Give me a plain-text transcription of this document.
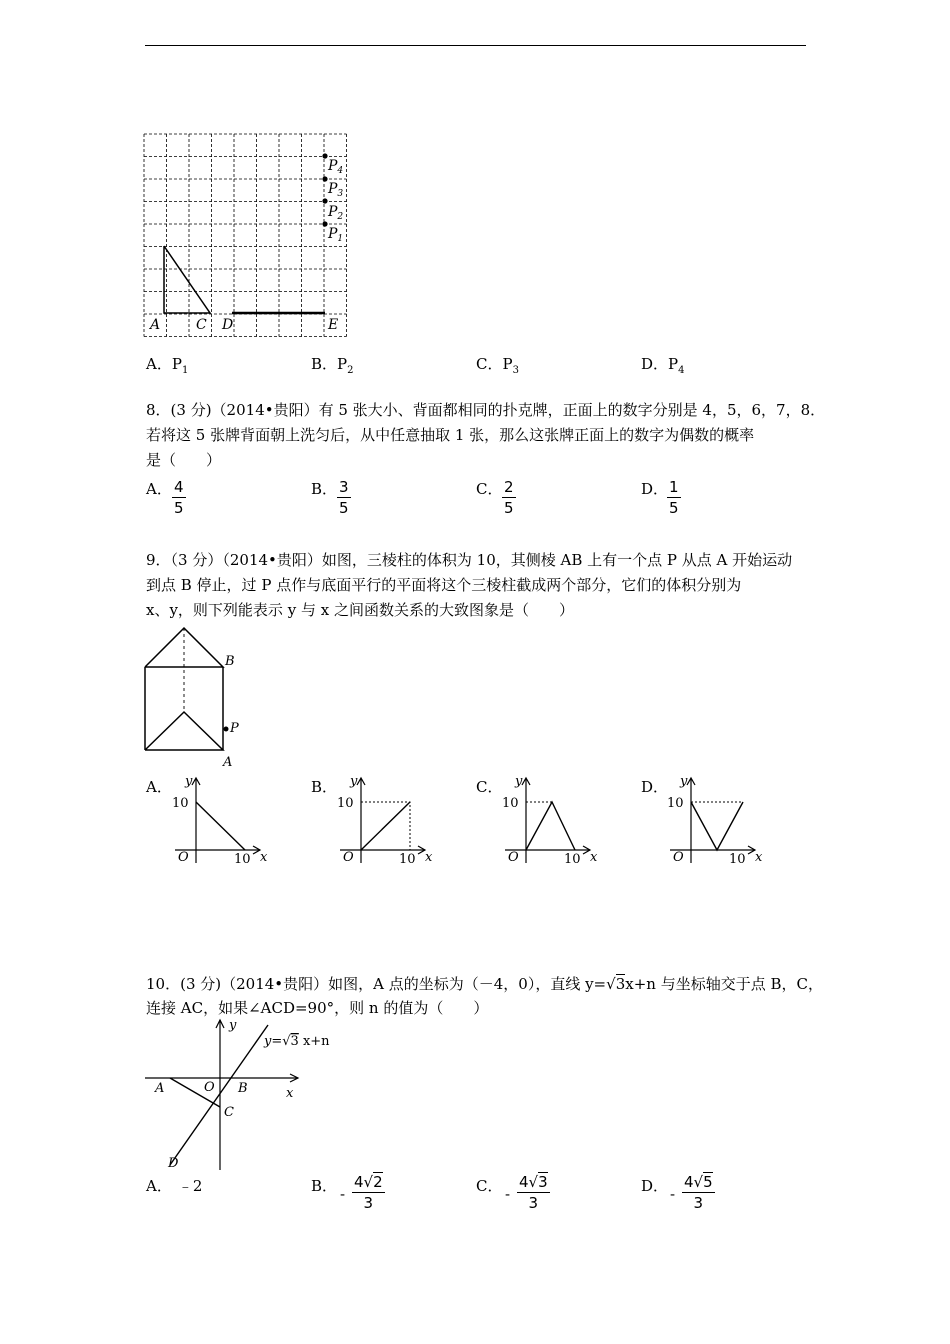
$P_4$
$P_3$
$P_2$
$P_1$
A	C D	E
A．$P_1$	B．$P_2$	C．$P_3$	D．$P_4$
8．(3 分)（2014•贵阳）有 5 张大小、背面都相同的扑克牌，正面上的数字分别是 4，5，6，7，8．
若将这 5 张牌背面朝上洗匀后，从中任意抽取 1 张，那么这张牌正面上的数字为偶数的概率
是（　　）
A． 4
5
B． 3
5
C． 2
5
D． 1
5
9．（3 分）（2014•贵阳）如图，三棱柱的体积为 10，其侧棱 AB 上有一个点 P 从点 A 开始运动
到点 B 停止，过 P 点作与底面平行的平面将这个三棱柱截成两个部分，它们的体积分别为
x、y，则下列能表示 y 与 x 之间函数关系的大致图象是（　　）
B
P
A
A．	B．	C．	D．
y
10
O	10 x
y
10
O	10 x
y
10
O	10 x
y
10
O	10 x
10．(3 分)（2014•贵阳）如图，A 点的坐标为（－4，0），直线 y=√3x+n 与坐标轴交于点 B，C，
连接 AC，如果∠ACD=90°，则 n 的值为（　　）
y
x
O
A	B
C
D
y=√3 x+n
A． ﹣2	B． -
4√2
3
C． -
4√3
3
D． -
4√5
3
